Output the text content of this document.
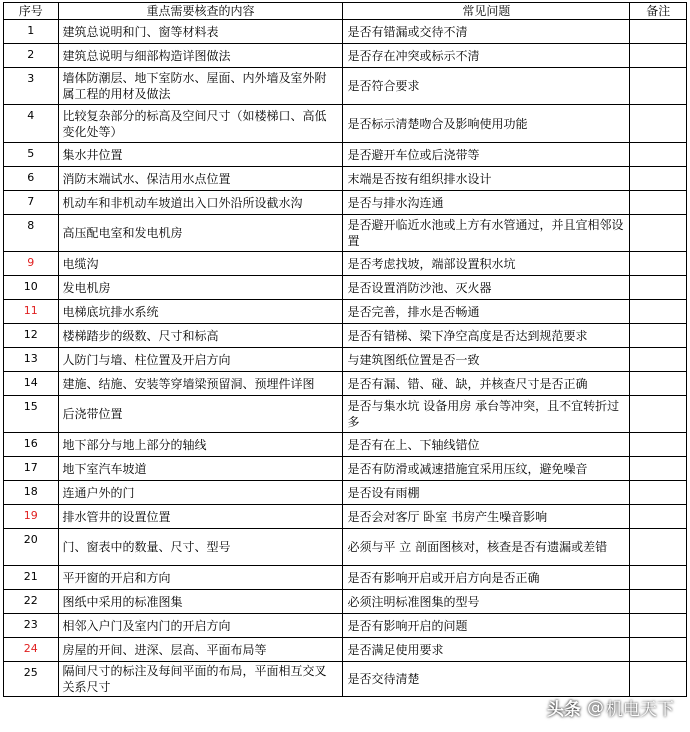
序号	重点需要核查的内容	常见问题	备注
1	建筑总说明和门、窗等材料表	是否有错漏或交待不清	
2	建筑总说明与细部构造详图做法	是否存在冲突或标示不清	
3	墙体防潮层、地下室防水、屋面、内外墙及室外附属工程的用材及做法	是否符合要求	
4	比较复杂部分的标高及空间尺寸（如楼梯口、高低变化处等）	是否标示清楚吻合及影响使用功能	
5	集水井位置	是否避开车位或后浇带等	
6	消防末端试水、保洁用水点位置	末端是否按有组织排水设计	
7	机动车和非机动车坡道出入口外沿所设截水沟	是否与排水沟连通	
8	高压配电室和发电机房	是否避开临近水池或上方有水管通过，并且宜相邻设置	
9	电缆沟	是否考虑找坡，端部设置积水坑	
10	发电机房	是否设置消防沙池、灭火器	
11	电梯底坑排水系统	是否完善，排水是否畅通	
12	楼梯踏步的级数、尺寸和标高	是否有错梯、梁下净空高度是否达到规范要求	
13	人防门与墙、柱位置及开启方向	与建筑图纸位置是否一致	
14	建施、结施、安装等穿墙梁预留洞、预埋件详图	是否有漏、错、碰、缺，并核查尺寸是否正确	
15	后浇带位置	是否与集水坑 设备用房 承台等冲突，且不宜转折过多	
16	地下部分与地上部分的轴线	是否有在上、下轴线错位	
17	地下室汽车坡道	是否有防滑或减速措施宜采用压纹，避免噪音	
18	连通户外的门	是否设有雨棚	
19	排水管井的设置位置	是否会对客厅 卧室 书房产生噪音影响	
20	门、窗表中的数量、尺寸、型号	必须与平 立 剖面图核对，核查是否有遗漏或差错	
21	平开窗的开启和方向	是否有影响开启或开启方向是否正确	
22	图纸中采用的标准图集	必须注明标准图集的型号	
23	相邻入户门及室内门的开启方向	是否有影响开启的问题	
24	房屋的开间、进深、层高、平面布局等	是否满足使用要求	
25	隔间尺寸的标注及每间平面的布局，平面相互交叉关系尺寸	是否交待清楚	
头条 @ 机电天下
